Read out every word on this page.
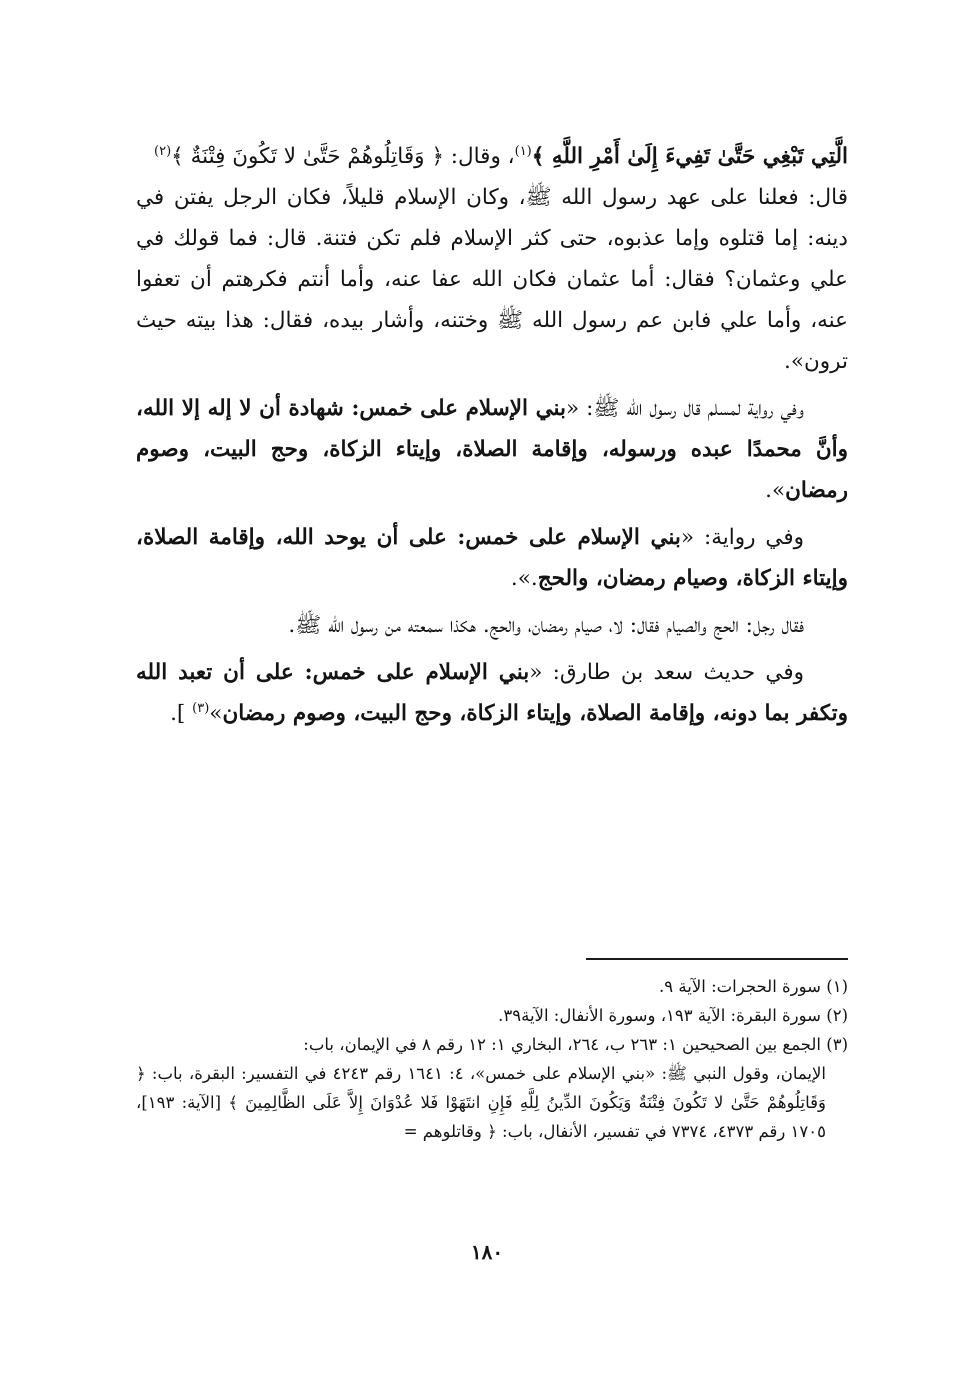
الَّتِي تَبْغِي حَتَّىٰ تَفِيءَ إِلَىٰ أَمْرِ اللَّهِ ﴾$^{(١)}$، وقال: ﴿ وَقَاتِلُوهُمْ حَتَّىٰ لا تَكُونَ فِتْنَةٌ ﴾$^{(٢)}$
قال: فعلنا على عهد رسول الله ﷺ، وكان الإسلام قليلاً، فكان الرجل يفتن في دينه: إما قتلوه وإما عذبوه، حتى كثر الإسلام فلم تكن فتنة. قال: فما قولك في علي وعثمان؟ فقال: أما عثمان فكان الله عفا عنه، وأما أنتم فكرهتم أن تعفوا عنه، وأما علي فابن عم رسول الله ﷺ وختنه، وأشار بيده، فقال: هذا بيته حيث ترون».

وفي رواية لمسلم قال رسول الله ﷺ: «بني الإسلام على خمس: شهادة أن لا إله إلا الله، وأنَّ محمدًا عبده ورسوله، وإقامة الصلاة، وإيتاء الزكاة، وحج البيت، وصوم رمضان».

وفي رواية: «بني الإسلام على خمس: على أن يوحد الله، وإقامة الصلاة، وإيتاء الزكاة، وصيام رمضان، والحج.».

فقال رجل: الحج والصيام فقال: لا، صيام رمضان، والحج. هكذا سمعته من رسول الله ﷺ.

وفي حديث سعد بن طارق: «بني الإسلام على خمس: على أن تعبد الله وتكفر بما دونه، وإقامة الصلاة، وإيتاء الزكاة، وحج البيت، وصوم رمضان»$^{(٣)}$ ].

(١) سورة الحجرات: الآية ٩.

(٢) سورة البقرة: الآية ١٩٣، وسورة الأنفال: الآية٣٩.

(٣) الجمع بين الصحيحين ١: ٢٦٣ ب، ٢٦٤، البخاري ١: ١٢ رقم ٨ في الإيمان، باب:

الإيمان، وقول النبي ﷺ: «بني الإسلام على خمس»، ٤: ١٦٤١ رقم ٤٢٤٣ في التفسير: البقرة، باب: ﴿ وَقَاتِلُوهُمْ حَتَّىٰ لا تَكُونَ فِتْنَةٌ وَيَكُونَ الدِّينُ لِلَّهِ فَإِنِ انتَهَوْا فَلا عُدْوَانَ إِلاَّ عَلَى الظَّالِمِينَ ﴾ [الآية: ١٩٣]، ١٧٠٥ رقم ٤٣٧٣، ٧٣٧٤ في تفسير، الأنفال، باب: ﴿ وقاتلوهم =

١٨٠
